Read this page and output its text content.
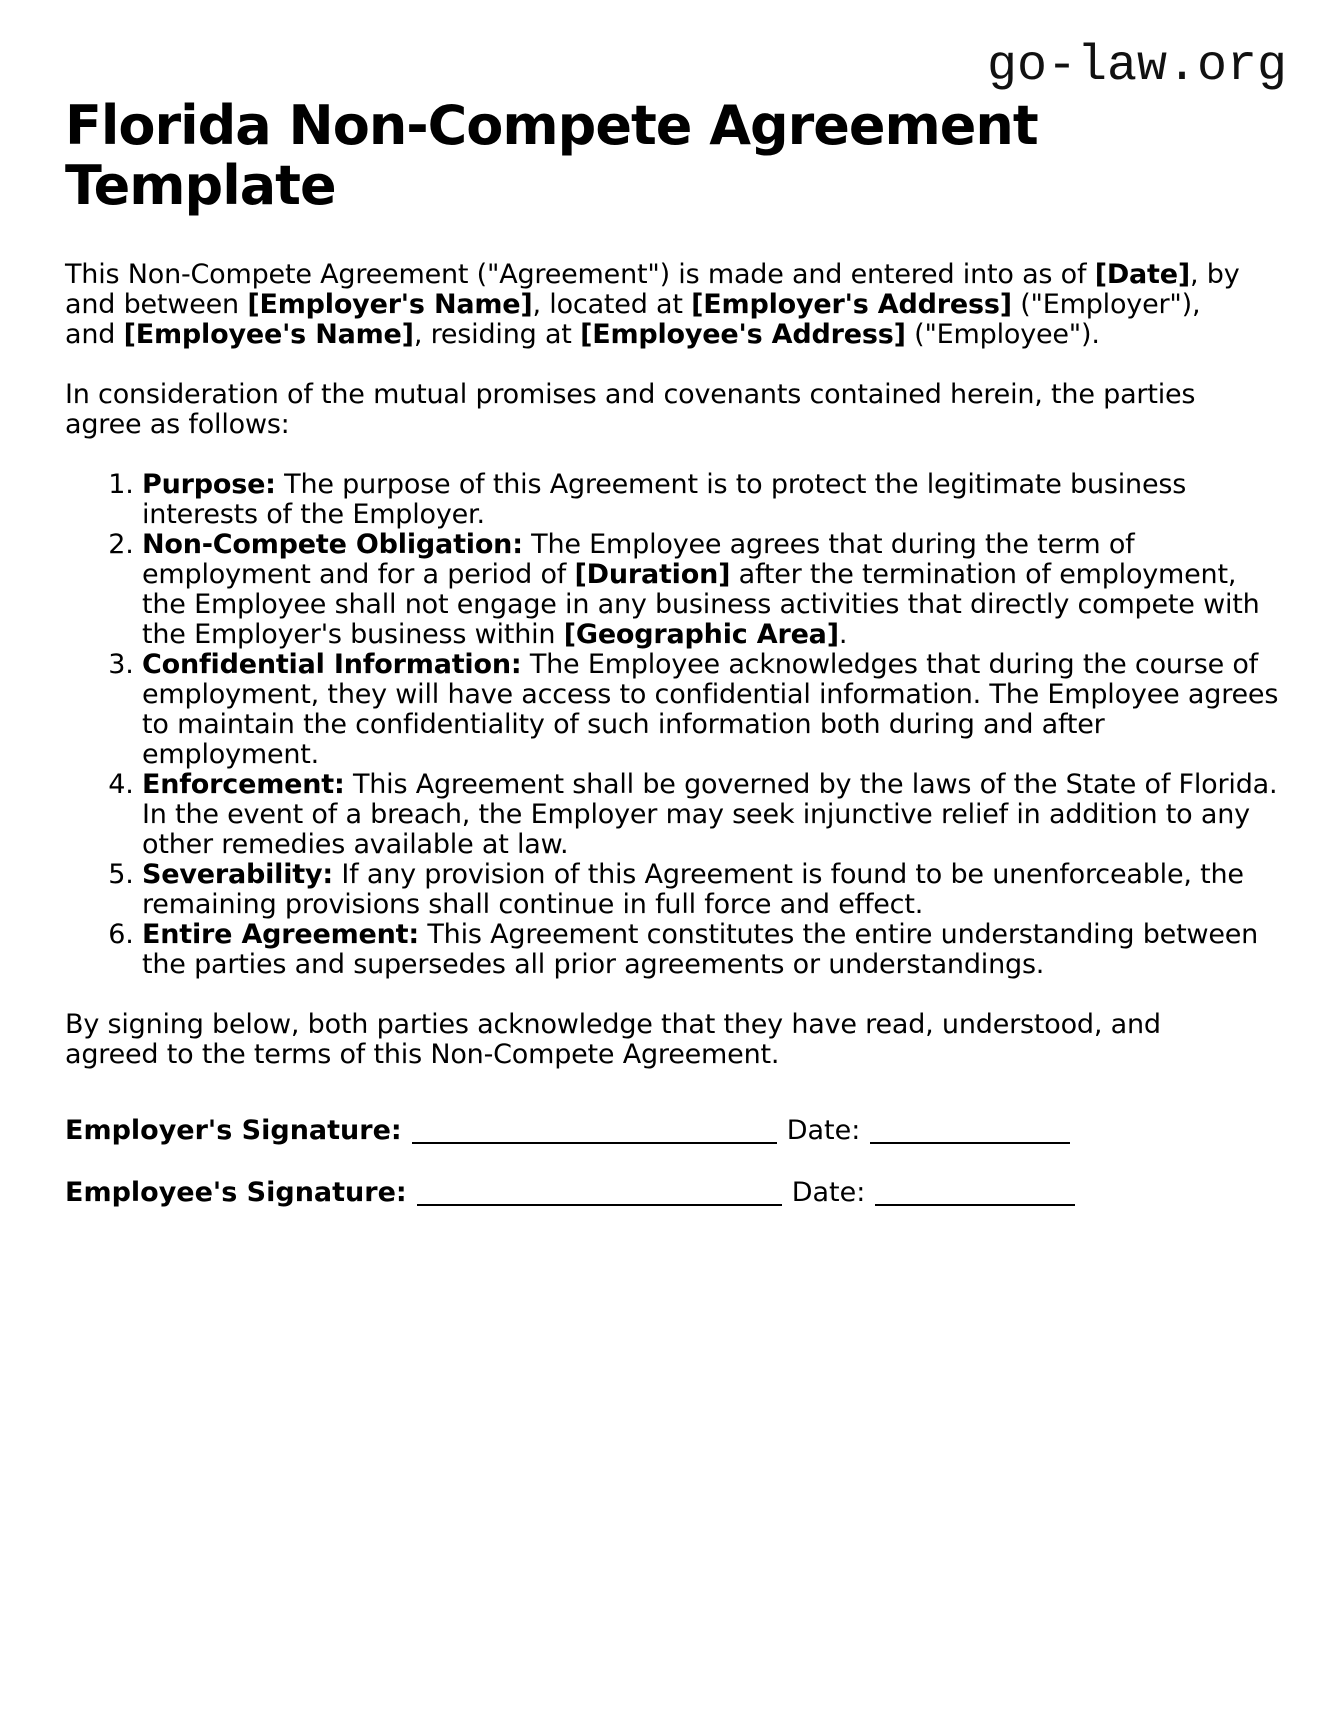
go-law.org
Florida Non-Compete Agreement Template

This Non-Compete Agreement ("Agreement") is made and entered into as of [Date], by and between [Employer's Name], located at [Employer's Address] ("Employer"), and [Employee's Name], residing at [Employee's Address] ("Employee").

In consideration of the mutual promises and covenants contained herein, the parties agree as follows:

1. Purpose: The purpose of this Agreement is to protect the legitimate business interests of the Employer.
2. Non-Compete Obligation: The Employee agrees that during the term of employment and for a period of [Duration] after the termination of employment, the Employee shall not engage in any business activities that directly compete with the Employer's business within [Geographic Area].
3. Confidential Information: The Employee acknowledges that during the course of employment, they will have access to confidential information. The Employee agrees to maintain the confidentiality of such information both during and after employment.
4. Enforcement: This Agreement shall be governed by the laws of the State of Florida. In the event of a breach, the Employer may seek injunctive relief in addition to any other remedies available at law.
5. Severability: If any provision of this Agreement is found to be unenforceable, the remaining provisions shall continue in full force and effect.
6. Entire Agreement: This Agreement constitutes the entire understanding between the parties and supersedes all prior agreements or understandings.

By signing below, both parties acknowledge that they have read, understood, and agreed to the terms of this Non-Compete Agreement.

Employer's Signature:	Date:

Employee's Signature:	Date:
